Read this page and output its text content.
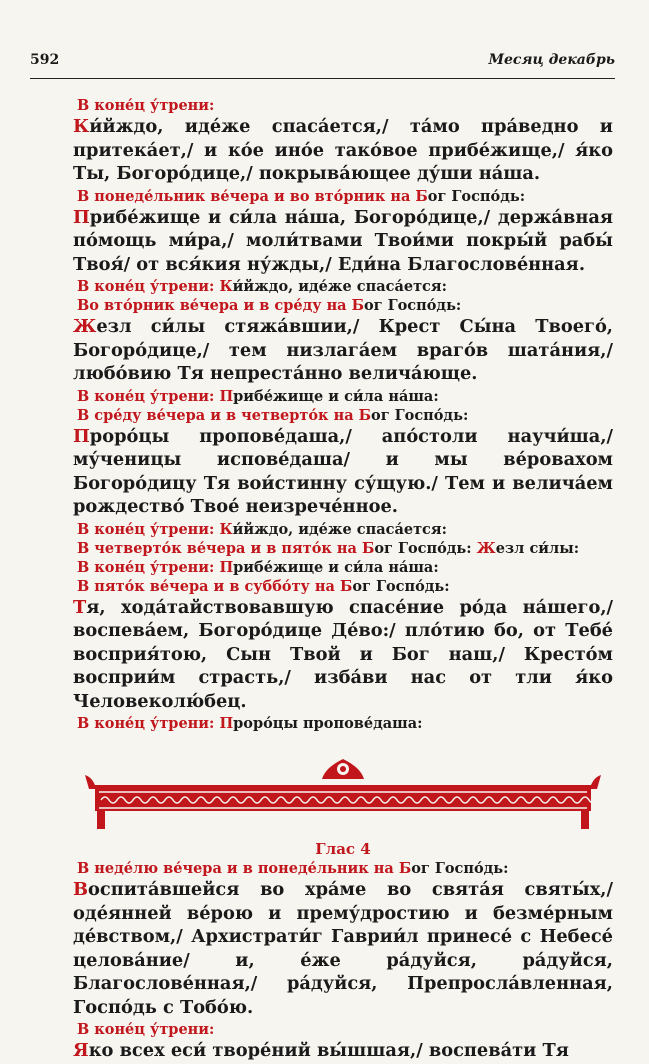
592	Месяц декабрь
В коне́ц у́трени:

Ки́йждо, иде́же спаса́ется,/ та́мо пра́ведно и притека́ет,/ и ко́е ино́е тако́вое прибе́жище,/ я́ко Ты, Богоро́дице,/ покрыва́ющее ду́ши на́ша.

В понеде́льник ве́чера и во вто́рник на Бог Госпо́дь:

Прибе́жище и си́ла на́ша, Богоро́дице,/ держа́вная по́мощь ми́ра,/ моли́твами Твои́ми покры́й рабы́ Твоя́/ от вся́кия ну́жды,/ Еди́на Благослове́нная.

В коне́ц у́трени: Ки́йждо, иде́же спаса́ется:
Во вто́рник ве́чера и в сре́ду на Бог Госпо́дь:

Жезл си́лы стяжа́вшии,/ Крест Сы́на Твоего́, Богоро́дице,/ тем низлага́ем враго́в шата́ния,/ любо́вию Тя непреста́нно велича́юще.

В коне́ц у́трени: Прибе́жище и си́ла на́ша:
В сре́ду ве́чера и в четверто́к на Бог Госпо́дь:

Проро́цы пропове́даша,/ апо́столи научи́ша,/ му́ченицы испове́даша/ и мы ве́ровахом Богоро́дицу Тя вои́стинну су́щую./ Тем и велича́ем рождество́ Твое́ неизрече́нное.

В коне́ц у́трени: Ки́йждо, иде́же спаса́ется:
В четверто́к ве́чера и в пято́к на Бог Госпо́дь: Жезл си́лы:
В коне́ц у́трени: Прибе́жище и си́ла на́ша:
В пято́к ве́чера и в суббо́ту на Бог Госпо́дь:

Тя, хода́тайствовавшую спасе́ние ро́да на́шего,/ воспева́ем, Богоро́дице Де́во:/ пло́тию бо, от Тебе́ восприя́тою, Сын Твой и Бог наш,/ Кресто́м восприи́м страсть,/ изба́ви нас от тли я́ко Человеколю́бец.

В коне́ц у́трени: Проро́цы пропове́даша:
Глас 4
В неде́лю ве́чера и в понеде́льник на Бог Госпо́дь:

Воспита́вшейся во хра́ме во свята́я святы́х,/ оде́янней ве́рою и прему́дростию и безме́рным де́вством,/ Архистрати́г Гаврии́л принесе́ с Небесе́ целова́ние/ и, е́же ра́дуйся, ра́дуйся, Благослове́нная,/ ра́дуйся, Препросла́вленная, Госпо́дь с Тобо́ю.

В коне́ц у́трени:

Яко всех еси́ творе́ний вы́шшая,/ воспева́ти Тя
